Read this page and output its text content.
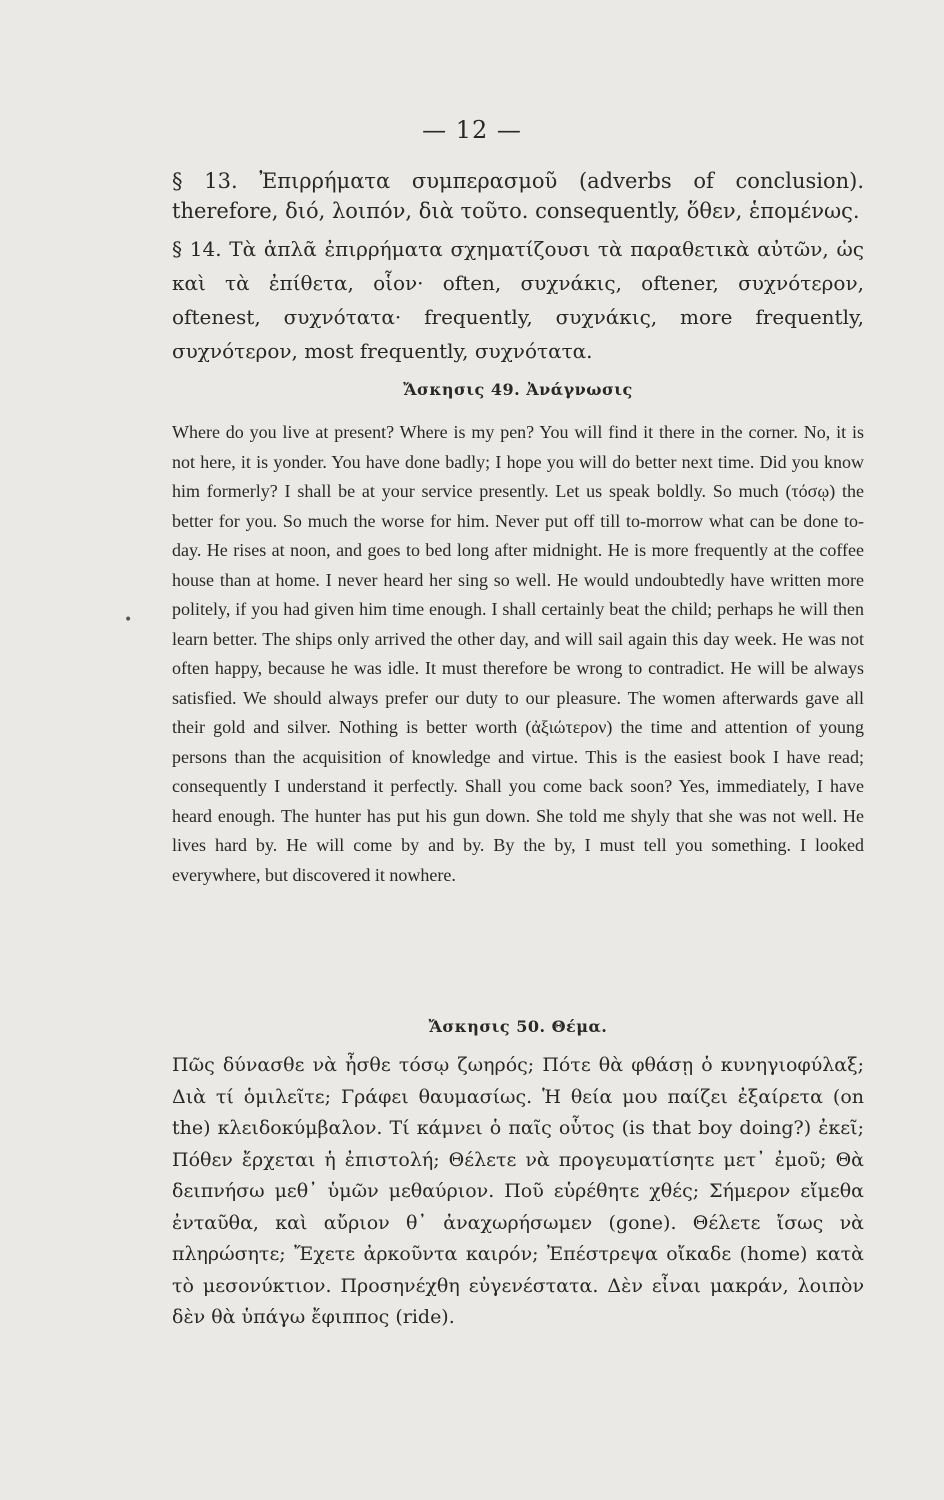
— 12 —

§ 13. Ἐπιρρήματα συμπερασμοῦ (adverbs of conclusion). therefore, διό, λοιπόν, διὰ τοῦτο. consequently, ὅθεν, ἑπομένως.

§ 14. Τὰ ἁπλᾶ ἐπιρρήματα σχηματίζουσι τὰ παραθετικὰ αὐτῶν, ὡς καὶ τὰ ἐπίθετα, οἷον· often, συχνάκις, oftener, συχνότερον, oftenest, συχνότατα· frequently, συχνάκις, more frequently, συχνότερον, most frequently, συχνότατα.

Ἄσκησις 49. Ἀνάγνωσις

Where do you live at present? Where is my pen? You will find it there in the corner. No, it is not here, it is yonder. You have done badly; I hope you will do better next time. Did you know him formerly? I shall be at your service presently. Let us speak boldly. So much (τόσῳ) the better for you. So much the worse for him. Never put off till to-morrow what can be done to-day. He rises at noon, and goes to bed long after midnight. He is more frequently at the coffee house than at home. I never heard her sing so well. He would undoubtedly have written more politely, if you had given him time enough. I shall certainly beat the child; perhaps he will then learn better. The ships only arrived the other day, and will sail again this day week. He was not often happy, because he was idle. It must therefore be wrong to contradict. He will be always satisfied. We should always prefer our duty to our pleasure. The women afterwards gave all their gold and silver. Nothing is better worth (ἀξιώτερον) the time and attention of young persons than the acquisition of knowledge and virtue. This is the easiest book I have read; consequently I understand it perfectly. Shall you come back soon? Yes, immediately, I have heard enough. The hunter has put his gun down. She told me shyly that she was not well. He lives hard by. He will come by and by. By the by, I must tell you something. I looked everywhere, but discovered it nowhere.

•
Ἄσκησις 50. Θέμα.

Πῶς δύνασθε νὰ ἦσθε τόσῳ ζωηρός; Πότε θὰ φθάσῃ ὁ κυνηγιοφύλαξ; Διὰ τί ὁμιλεῖτε; Γράφει θαυμασίως. Ἡ θεία μου παίζει ἐξαίρετα (on the) κλειδοκύμβαλον. Τί κάμνει ὁ παῖς οὗτος (is that boy doing?) ἐκεῖ; Πόθεν ἔρχεται ἡ ἐπιστολή; Θέλετε νὰ προγευματίσητε μετ᾽ ἐμοῦ; Θὰ δειπνήσω μεθ᾽ ὑμῶν μεθαύριον. Ποῦ εὑρέθητε χθές; Σήμερον εἴμεθα ἐνταῦθα, καὶ αὔριον θ᾽ ἀναχωρήσωμεν (gone). Θέλετε ἴσως νὰ πληρώσητε; Ἔχετε ἀρκοῦντα καιρόν; Ἐπέστρεψα οἴκαδε (home) κατὰ τὸ μεσονύκτιον. Προσηνέχθη εὐγενέστατα. Δὲν εἶναι μακράν, λοιπὸν δὲν θὰ ὑπάγω ἔφιππος (ride).
